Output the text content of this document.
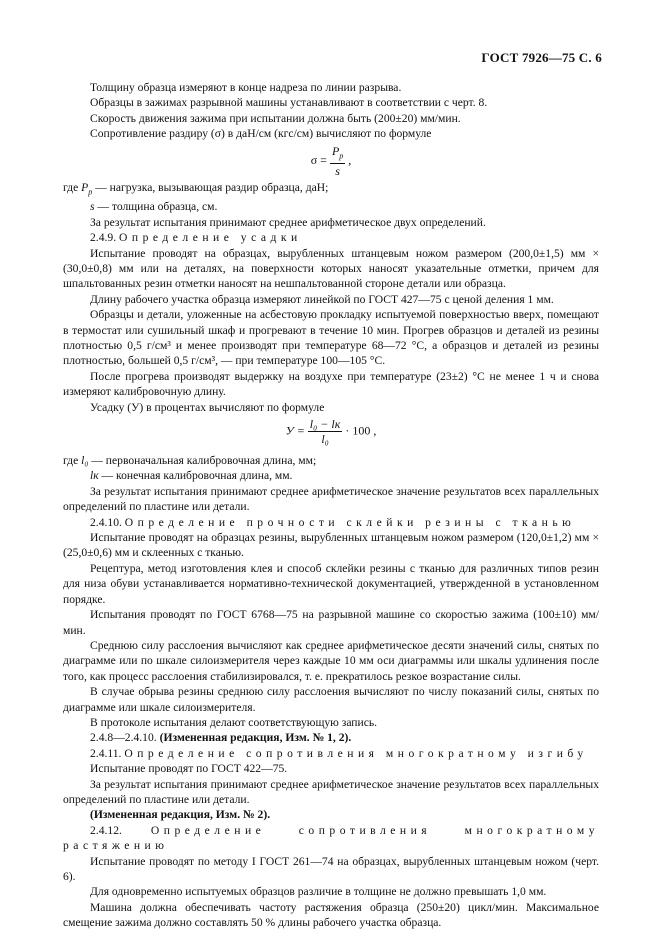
ГОСТ 7926—75 С. 6

Толщину образца измеряют в конце надреза по линии разрыва.

Образцы в зажимах разрывной машины устанавливают в соответствии с черт. 8.

Скорость движения зажима при испытании должна быть (200±20) мм/мин.

Сопротивление раздиру (σ) в даН/см (кгс/см) вычисляют по формуле

$\sigma = \frac{P_р}{s}$ ,

где $P_р$ — нагрузка, вызывающая раздир образца, даН;

s — толщина образца, см.

За результат испытания принимают среднее арифметическое двух определений.

2.4.9. Определение усадки

Испытание проводят на образцах, вырубленных штанцевым ножом размером (200,0±1,5) мм × (30,0±0,8) мм или на деталях, на поверхности которых наносят указательные отметки, причем для шпальтованных резин отметки наносят на нешпальтованной стороне детали или образца.

Длину рабочего участка образца измеряют линейкой по ГОСТ 427—75 с ценой деления 1 мм.

Образцы и детали, уложенные на асбестовую прокладку испытуемой поверхностью вверх, помещают в термостат или сушильный шкаф и прогревают в течение 10 мин. Прогрев образцов и деталей из резины плотностью 0,5 г/см³ и менее производят при температуре 68—72 °С, а образцов и деталей из резины плотностью, большей 0,5 г/см³, — при температуре 100—105 °С.

После прогрева производят выдержку на воздухе при температуре (23±2) °С не менее 1 ч и снова измеряют калибровочную длину.

Усадку (У) в процентах вычисляют по формуле

$У = \frac{\text{l₀ − lк}}{\text{l₀}} \cdot 100$ ,

где l₀ — первоначальная калибровочная длина, мм;

lк — конечная калибровочная длина, мм.

За результат испытания принимают среднее арифметическое значение результатов всех параллельных определений по пластине или детали.

2.4.10. Определение прочности склейки резины с тканью

Испытание проводят на образцах резины, вырубленных штанцевым ножом размером (120,0±1,2) мм × (25,0±0,6) мм и склеенных с тканью.

Рецептура, метод изготовления клея и способ склейки резины с тканью для различных типов резин для низа обуви устанавливается нормативно-технической документацией, утвержденной в установленном порядке.

Испытания проводят по ГОСТ 6768—75 на разрывной машине со скоростью зажима (100±10) мм/мин.

Среднюю силу расслоения вычисляют как среднее арифметическое десяти значений силы, снятых по диаграмме или по шкале силоизмерителя через каждые 10 мм оси диаграммы или шкалы удлинения после того, как процесс расслоения стабилизировался, т. е. прекратилось резкое возрастание силы.

В случае обрыва резины среднюю силу расслоения вычисляют по числу показаний силы, снятых по диаграмме или шкале силоизмерителя.

В протоколе испытания делают соответствующую запись.

2.4.8—2.4.10. (Измененная редакция, Изм. № 1, 2).

2.4.11. Определение сопротивления многократному изгибу

Испытание проводят по ГОСТ 422—75.

За результат испытания принимают среднее арифметическое значение результатов всех параллельных определений по пластине или детали.

(Измененная редакция, Изм. № 2).

2.4.12.	Определение сопротивления многократному растяжению

Испытание проводят по методу I ГОСТ 261—74 на образцах, вырубленных штанцевым ножом (черт. 6).

Для одновременно испытуемых образцов различие в толщине не должно превышать 1,0 мм.

Машина должна обеспечивать частоту растяжения образца (250±20) цикл/мин. Максимальное смещение зажима должно составлять 50 % длины рабочего участка образца.
